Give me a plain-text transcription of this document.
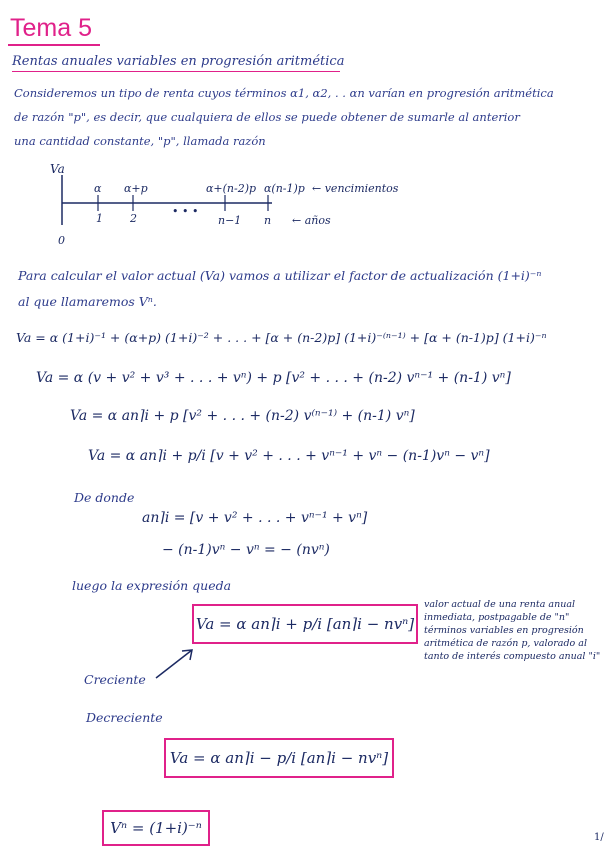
Tema 5
Rentas anuales variables en progresión aritmética
Consideremos un tipo de renta cuyos términos α1, α2, . . αn varían en progresión aritmética
de razón "p", es decir, que cualquiera de ellos se puede obtener de sumarle al anterior
una cantidad constante, "p", llamada razón
Va
α α+p	α+(n-2)p α(n-1)p ← vencimientos
1 2
• • •
n−1 n ← años
0
Para calcular el valor actual (Va) vamos a utilizar el factor de actualización (1+i)⁻ⁿ
al que llamaremos Vⁿ.
Va = α (1+i)⁻¹ + (α+p) (1+i)⁻² + . . . + [α + (n-2)p] (1+i)⁻⁽ⁿ⁻¹⁾ + [α + (n-1)p] (1+i)⁻ⁿ
Va = α (v + v² + v³ + . . . + vⁿ) + p [v² + . . . + (n-2) vⁿ⁻¹ + (n-1) vⁿ]
Va = α an⌉i + p [v² + . . . + (n-2) v⁽ⁿ⁻¹⁾ + (n-1) vⁿ]
Va = α an⌉i + p/i [v + v² + . . . + vⁿ⁻¹ + vⁿ − (n-1)vⁿ − vⁿ]
De donde
an⌉i = [v + v² + . . . + vⁿ⁻¹ + vⁿ]
− (n-1)vⁿ − vⁿ = − (nvⁿ)
luego la expresión queda
Va = α an⌉i + p/i [an⌉i − nvⁿ]
valor actual de una renta anual inmediata, postpagable de "n" términos variables en progresión aritmética de razón p, valorado al tanto de interés compuesto anual "i"
Creciente
Decreciente
Va = α an⌉i − p/i [an⌉i − nvⁿ]
Vⁿ = (1+i)⁻ⁿ
1/
